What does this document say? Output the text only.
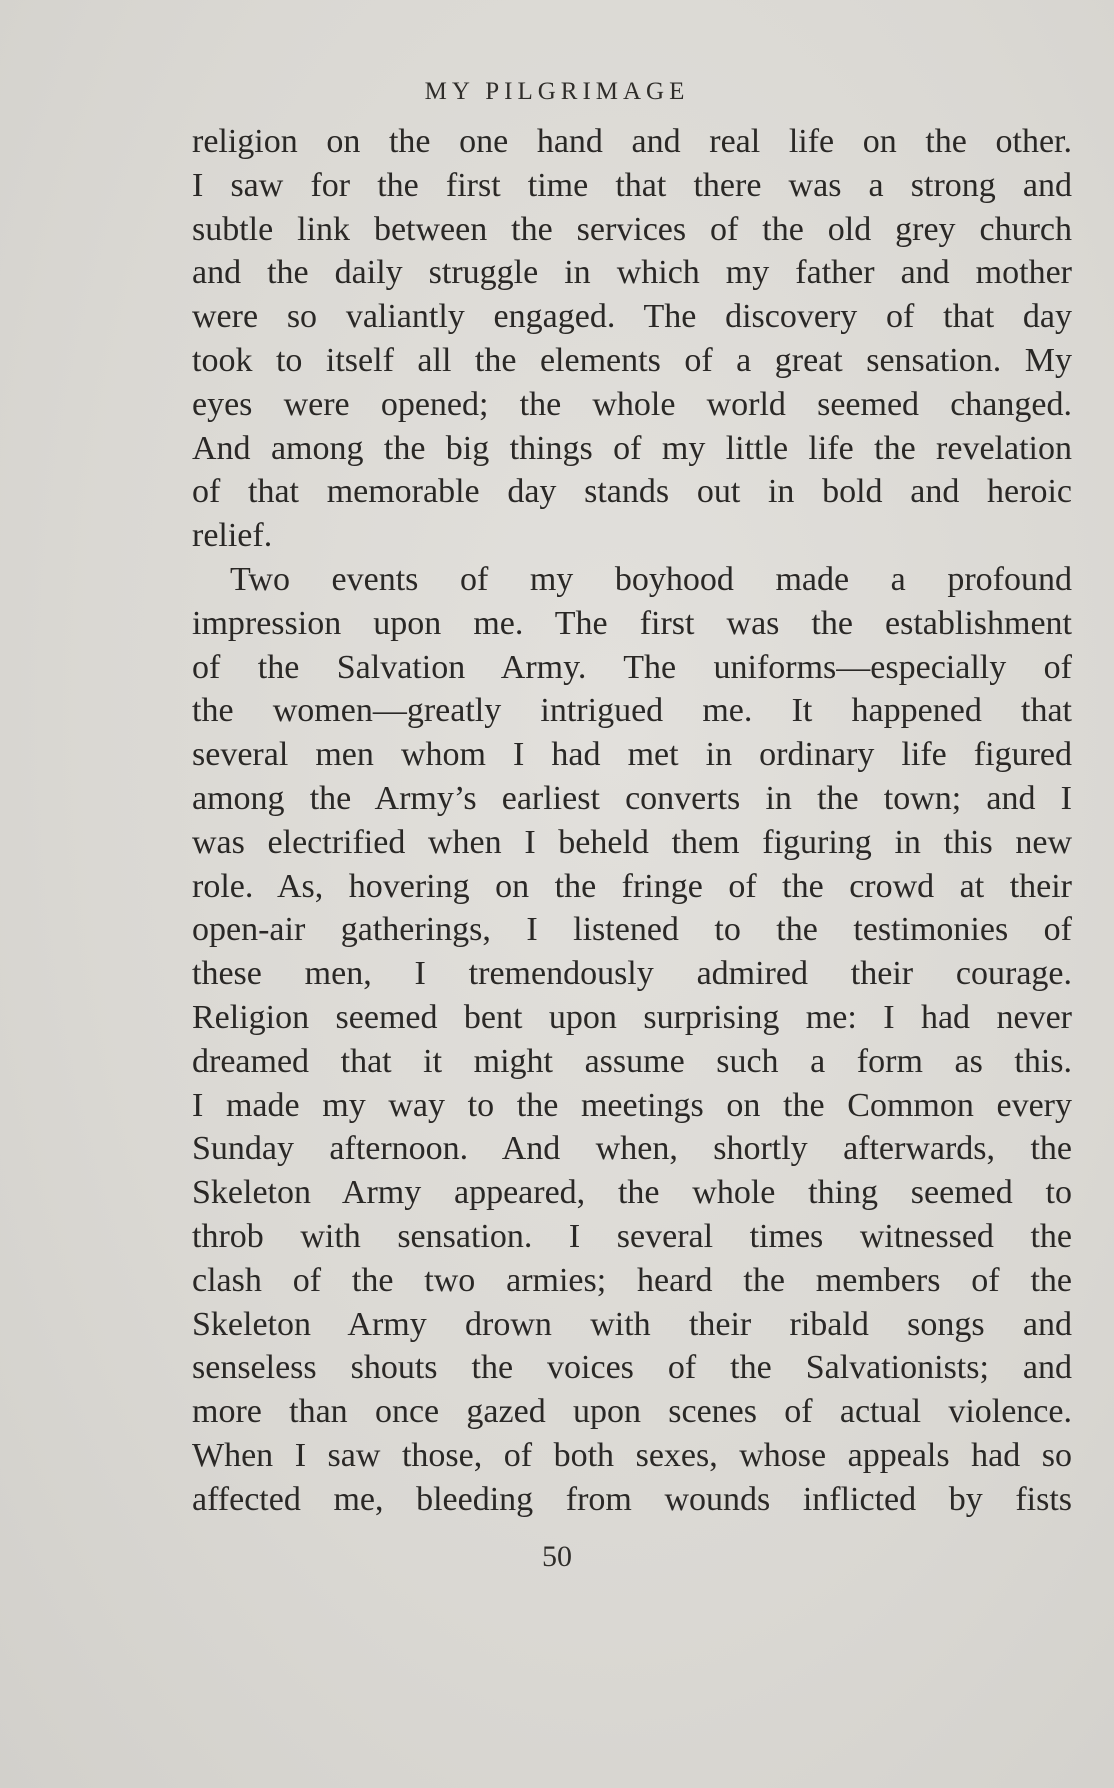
MY PILGRIMAGE
religion on the one hand and real life on the other.
I saw for the first time that there was a strong and
subtle link between the services of the old grey church
and the daily struggle in which my father and mother
were so valiantly engaged. The discovery of that day
took to itself all the elements of a great sensation. My
eyes were opened; the whole world seemed changed.
And among the big things of my little life the revelation
of that memorable day stands out in bold and heroic
relief.
Two events of my boyhood made a profound
impression upon me. The first was the establishment
of the Salvation Army. The uniforms—especially of
the women—greatly intrigued me. It happened that
several men whom I had met in ordinary life figured
among the Army’s earliest converts in the town; and I
was electrified when I beheld them figuring in this new
role. As, hovering on the fringe of the crowd at their
open-air gatherings, I listened to the testimonies of
these men, I tremendously admired their courage.
Religion seemed bent upon surprising me: I had never
dreamed that it might assume such a form as this.
I made my way to the meetings on the Common every
Sunday afternoon. And when, shortly afterwards, the
Skeleton Army appeared, the whole thing seemed to
throb with sensation. I several times witnessed the
clash of the two armies; heard the members of the
Skeleton Army drown with their ribald songs and
senseless shouts the voices of the Salvationists; and
more than once gazed upon scenes of actual violence.
When I saw those, of both sexes, whose appeals had so
affected me, bleeding from wounds inflicted by fists
50
